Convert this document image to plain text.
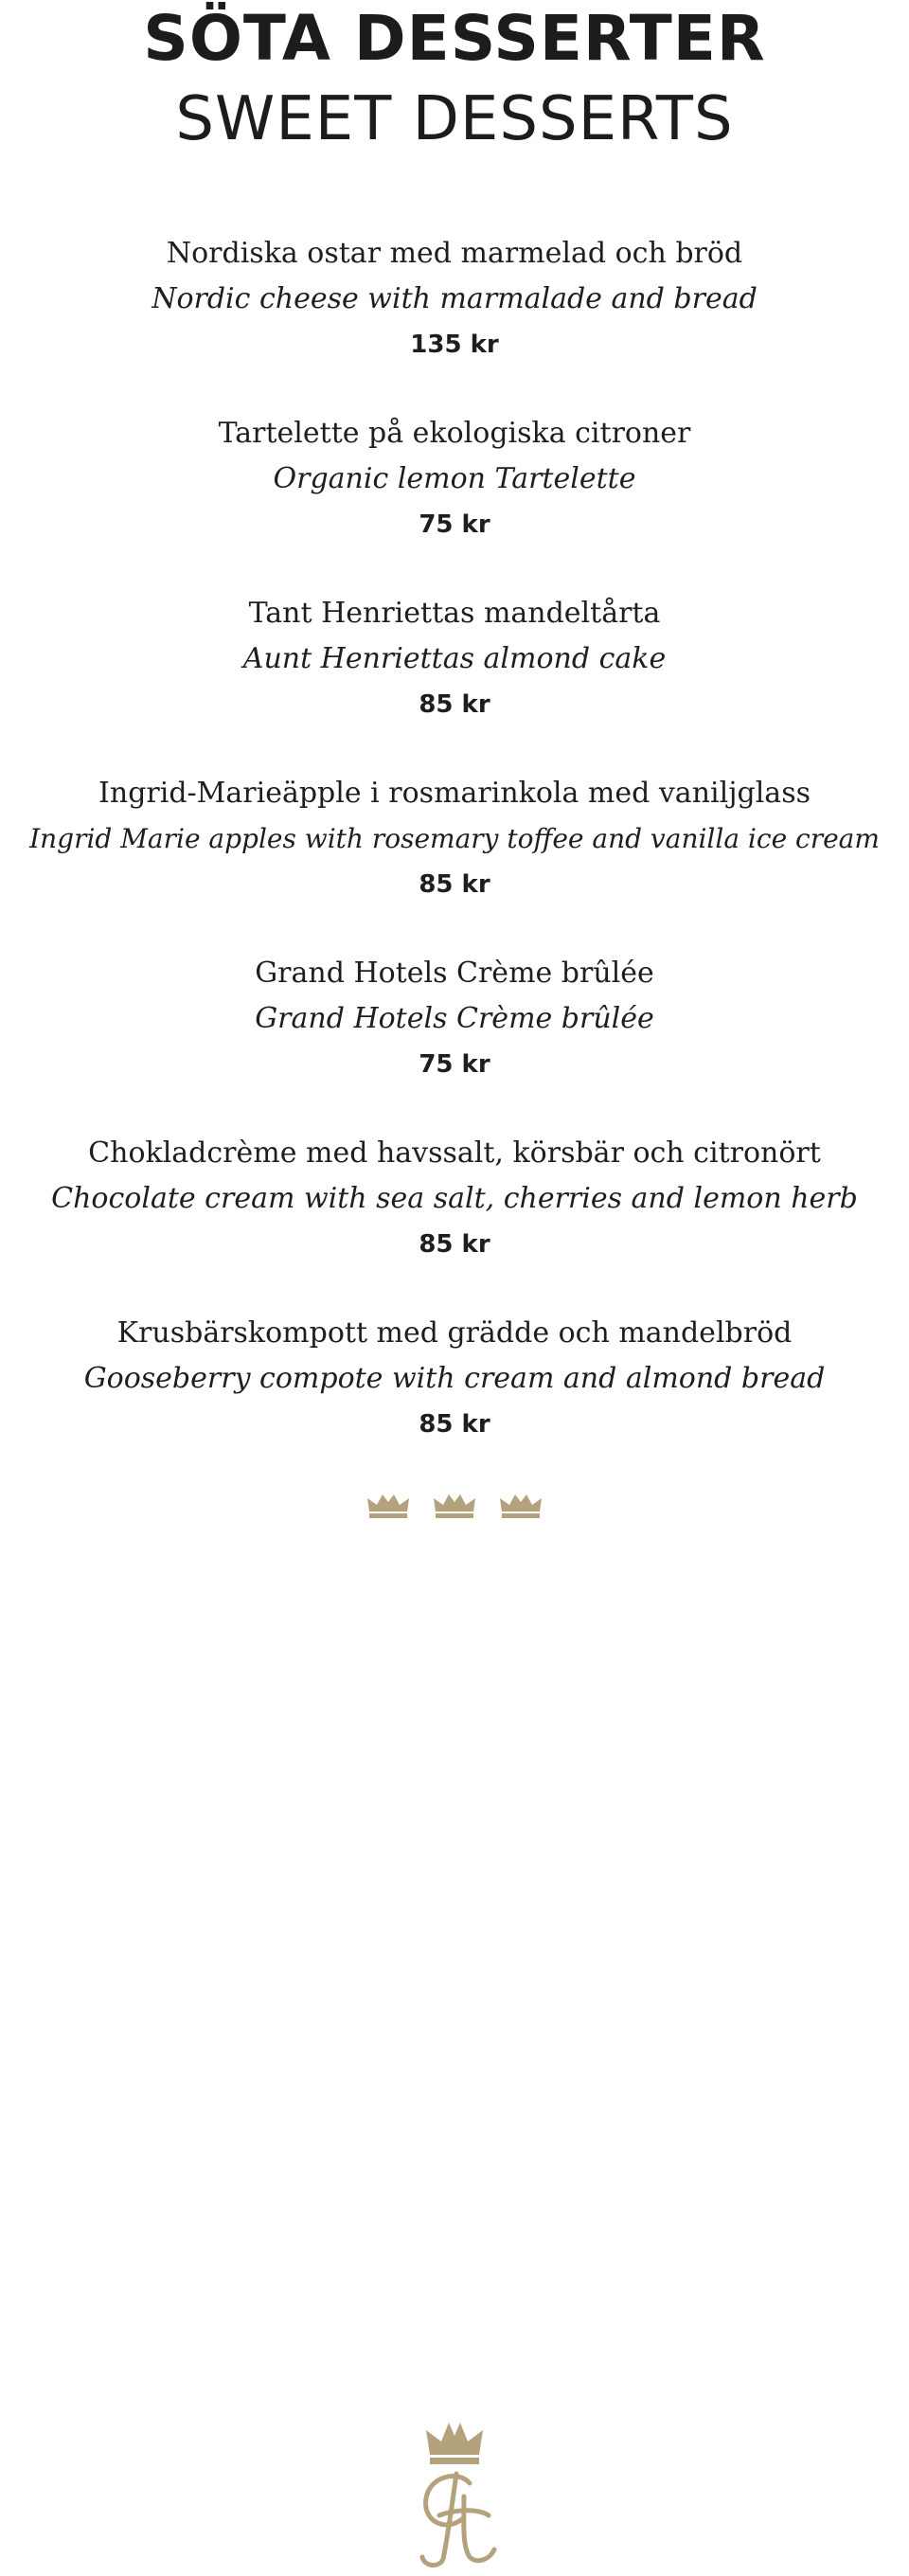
SÖTA DESSERTER
SWEET DESSERTS
Nordiska ostar med marmelad och bröd
Nordic cheese with marmalade and bread
135 kr
Tartelette på ekologiska citroner
Organic lemon Tartelette
75 kr
Tant Henriettas mandeltårta
Aunt Henriettas almond cake
85 kr
Ingrid-Marieäpple i rosmarinkola med vaniljglass
Ingrid Marie apples with rosemary toffee and vanilla ice cream
85 kr
Grand Hotels Crème brûlée
Grand Hotels Crème brûlée
75 kr
Chokladcrème med havssalt, körsbär och citronört
Chocolate cream with sea salt, cherries and lemon herb
85 kr
Krusbärskompott med grädde och mandelbröd
Gooseberry compote with cream and almond bread
85 kr
